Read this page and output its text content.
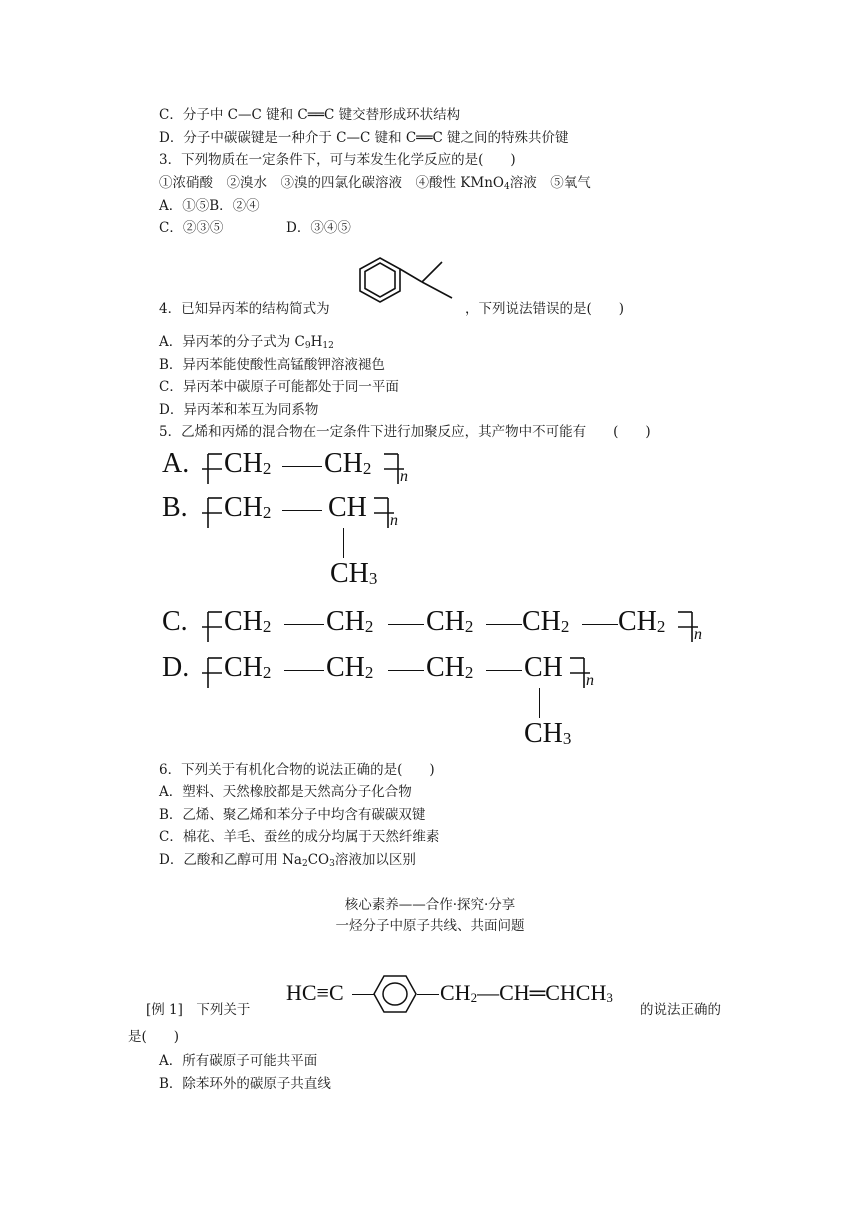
C．分子中 C—C 键和 C══C 键交替形成环状结构
D．分子中碳碳键是一种介于 C—C 键和 C══C 键之间的特殊共价键
3．下列物质在一定条件下，可与苯发生化学反应的是(　　)
①浓硝酸　②溴水　③溴的四氯化碳溶液　④酸性 KMnO$_4$溶液　⑤氧气
A．①⑤B．②④
C．②③⑤	D．③④⑤
4．已知异丙苯的结构简式为	，下列说法错误的是(　　)
A．异丙苯的分子式为 $C_9H_{12}$
B．异丙苯能使酸性高锰酸钾溶液褪色
C．异丙苯中碳原子可能都处于同一平面
D．异丙苯和苯互为同系物
5．乙烯和丙烯的混合物在一定条件下进行加聚反应，其产物中不可能有　　(　　)
A. $CH_2$ $CH_2$ n
B. $CH_2$ CH n
$CH_3$
C. $CH_2$ $CH_2$ $CH_2$ $CH_2$ $CH_2$ n
D. $CH_2$ $CH_2$ $CH_2$ CH n
$CH_3$
6．下列关于有机化合物的说法正确的是(　　)
A．塑料、天然橡胶都是天然高分子化合物
B．乙烯、聚乙烯和苯分子中均含有碳碳双键
C．棉花、羊毛、蚕丝的成分均属于天然纤维素
D．乙酸和乙醇可用 $Na_2CO_3$溶液加以区别
核心素养——合作·探究·分享
一烃分子中原子共线、共面问题
[例 1]　下列关于
HC≡C	$CH_2—CH═CHCH_3$
的说法正确的
是(　　)
A．所有碳原子可能共平面
B．除苯环外的碳原子共直线
